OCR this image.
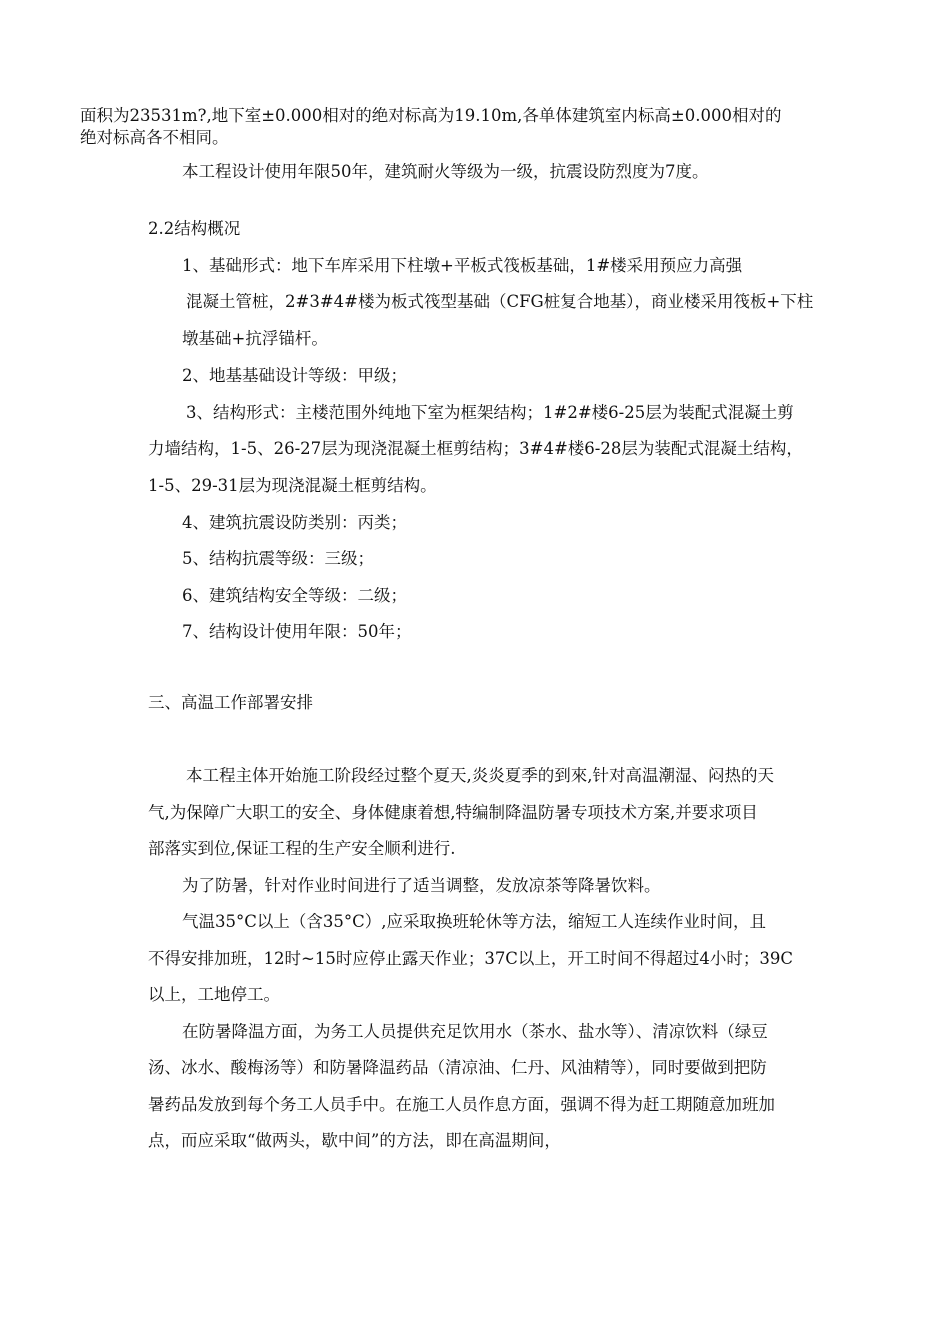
面积为23531m?,地下室±0.000相对的绝对标高为19.10m,各单体建筑室内标高±0.000相对的
绝对标高各不相同。
本工程设计使用年限50年，建筑耐火等级为一级，抗震设防烈度为7度。
2.2结构概况
1、基础形式：地下车库采用下柱墩+平板式筏板基础，1#楼采用预应力高强
混凝土管桩，2#3#4#楼为板式筏型基础（CFG桩复合地基），商业楼采用筏板+下柱
墩基础+抗浮锚杆。
2、地基基础设计等级：甲级；
3、结构形式：主楼范围外纯地下室为框架结构；1#2#楼6-25层为装配式混凝土剪
力墙结构，1-5、26-27层为现浇混凝土框剪结构；3#4#楼6-28层为装配式混凝土结构，
1-5、29-31层为现浇混凝土框剪结构。
4、建筑抗震设防类别：丙类；
5、结构抗震等级：三级；
6、建筑结构安全等级：二级；
7、结构设计使用年限：50年；
三、高温工作部署安排
本工程主体开始施工阶段经过整个夏天,炎炎夏季的到來,针对高温潮湿、闷热的天
气,为保障广大职工的安全、身体健康着想,特编制降温防暑专项技术方案,并要求项目
部落实到位,保证工程的生产安全顺利进行.
为了防暑，针对作业时间进行了适当调整，发放凉茶等降暑饮料。
气温35°C以上（含35°C）,应采取换班轮休等方法，缩短工人连续作业时间，且
不得安排加班，12时~15时应停止露天作业；37C以上，开工时间不得超过4小时；39C
以上，工地停工。
在防暑降温方面，为务工人员提供充足饮用水（茶水、盐水等）、清凉饮料（绿豆
汤、冰水、酸梅汤等）和防暑降温药品（清凉油、仁丹、风油精等），同时要做到把防
暑药品发放到每个务工人员手中。在施工人员作息方面，强调不得为赶工期随意加班加
点，而应采取“做两头，歇中间”的方法，即在高温期间，
